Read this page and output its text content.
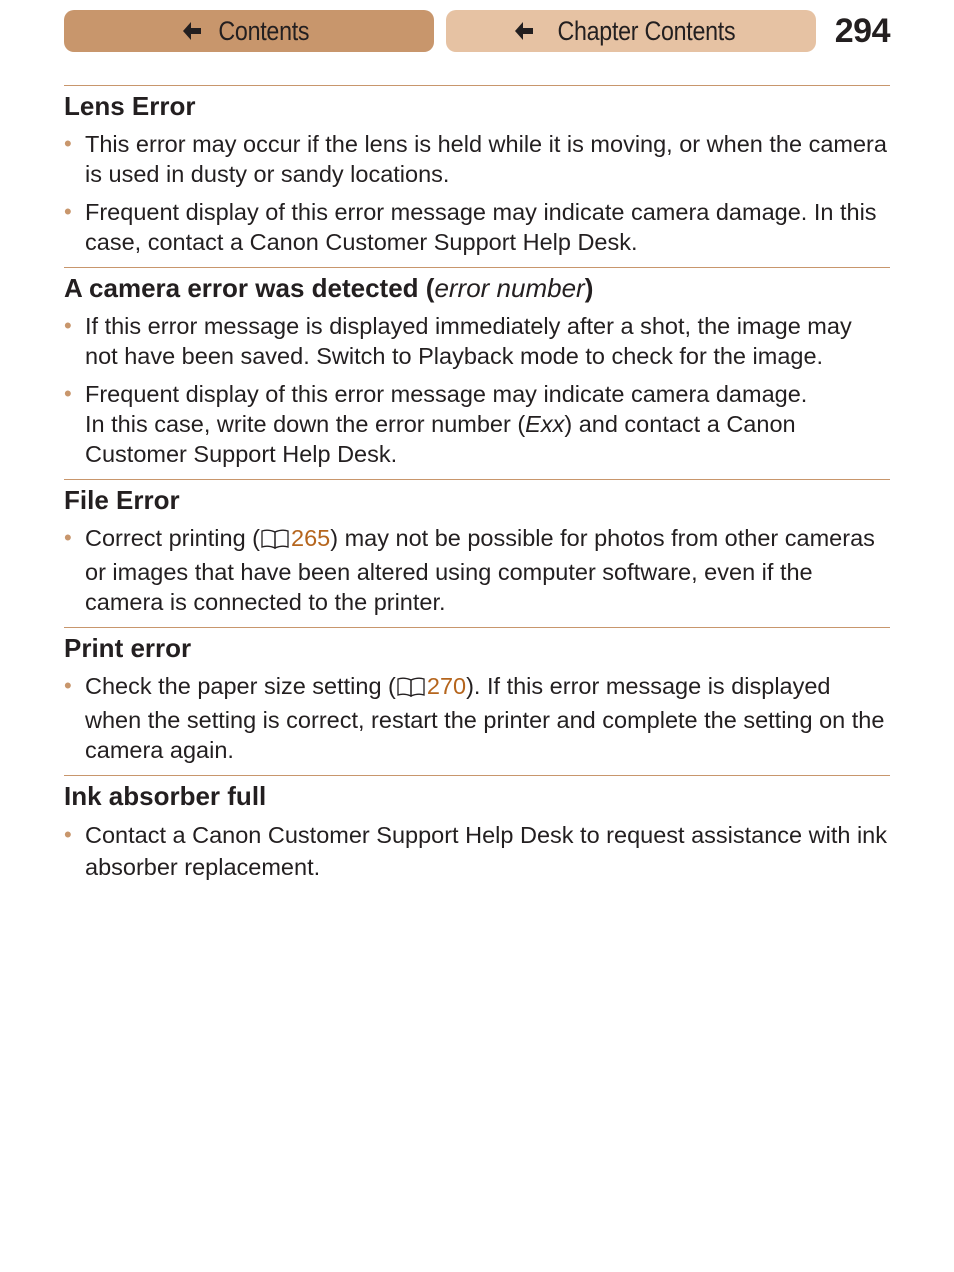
Contents	Chapter Contents	294
Lens Error
• This error may occur if the lens is held while it is moving, or when the camera is used in dusty or sandy locations.
• Frequent display of this error message may indicate camera damage. In this case, contact a Canon Customer Support Help Desk.
A camera error was detected (error number)
• If this error message is displayed immediately after a shot, the image may not have been saved. Switch to Playback mode to check for the image.
• Frequent display of this error message may indicate camera damage.
In this case, write down the error number (Exx) and contact a Canon Customer Support Help Desk.
File Error
• Correct printing ( 265) may not be possible for photos from other cameras or images that have been altered using computer software, even if the camera is connected to the printer.
Print error
• Check the paper size setting ( 270). If this error message is displayed when the setting is correct, restart the printer and complete the setting on the camera again.
Ink absorber full
• Contact a Canon Customer Support Help Desk to request assistance with ink absorber replacement.
